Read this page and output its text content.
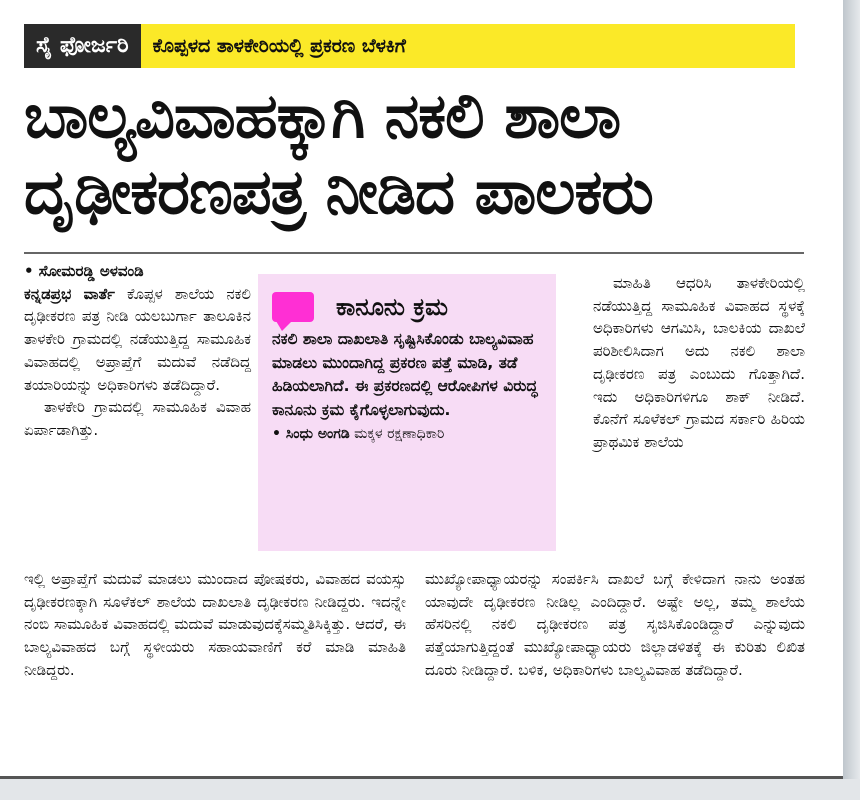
ಸೈ ಫೋರ್ಜರಿ	ಕೊಪ್ಪಳದ ತಾಳಕೇರಿಯಲ್ಲಿ ಪ್ರಕರಣ ಬೆಳಕಿಗೆ
ಬಾಲ್ಯವಿವಾಹಕ್ಕಾಗಿ ನಕಲಿ ಶಾಲಾ
ದೃಢೀಕರಣಪತ್ರ ನೀಡಿದ ಪಾಲಕರು

• ಸೋಮರಡ್ಡಿ ಅಳವಂಡಿ

ಕನ್ನಡಪ್ರಭ ವಾರ್ತೆ ಕೊಪ್ಪಳ ಶಾಲೆಯ ನಕಲಿ ದೃಢೀಕರಣ ಪತ್ರ ನೀಡಿ ಯಲಬುರ್ಗಾ ತಾಲೂಕಿನ ತಾಳಕೇರಿ ಗ್ರಾಮದಲ್ಲಿ ನಡೆಯುತ್ತಿದ್ದ ಸಾಮೂಹಿಕ ವಿವಾಹದಲ್ಲಿ ಅಪ್ರಾಪ್ತೆಗೆ ಮದುವೆ ನಡೆದಿದ್ದ ತಯಾರಿಯನ್ನು ಅಧಿಕಾರಿಗಳು ತಡೆದಿದ್ದಾರೆ.

ತಾಳಕೇರಿ ಗ್ರಾಮದಲ್ಲಿ ಸಾಮೂಹಿಕ ವಿವಾಹ ಏರ್ಪಾಡಾಗಿತ್ತು.

ಕಾನೂನು ಕ್ರಮ
ನಕಲಿ ಶಾಲಾ ದಾಖಲಾತಿ ಸೃಷ್ಟಿಸಿಕೊಂಡು ಬಾಲ್ಯವಿವಾಹ ಮಾಡಲು ಮುಂದಾಗಿದ್ದ ಪ್ರಕರಣ ಪತ್ತೆ ಮಾಡಿ, ತಡೆ ಹಿಡಿಯಲಾಗಿದೆ. ಈ ಪ್ರಕರಣದಲ್ಲಿ ಆರೋಪಿಗಳ ವಿರುದ್ಧ ಕಾನೂನು ಕ್ರಮ ಕೈಗೊಳ್ಳಲಾಗುವುದು.
• ಸಿಂಧು ಅಂಗಡಿ ಮಕ್ಕಳ ರಕ್ಷಣಾಧಿಕಾರಿ

ಮಾಹಿತಿ ಆಧರಿಸಿ ತಾಳಕೇರಿಯಲ್ಲಿ ನಡೆಯುತ್ತಿದ್ದ ಸಾಮೂಹಿಕ ವಿವಾಹದ ಸ್ಥಳಕ್ಕೆ ಅಧಿಕಾರಿಗಳು ಆಗಮಿಸಿ, ಬಾಲಕಿಯ ದಾಖಲೆ ಪರಿಶೀಲಿಸಿದಾಗ ಅದು ನಕಲಿ ಶಾಲಾ ದೃಢೀಕರಣ ಪತ್ರ ಎಂಬುದು ಗೊತ್ತಾಗಿದೆ. ಇದು ಅಧಿಕಾರಿಗಳಿಗೂ ಶಾಕ್ ನೀಡಿದೆ. ಕೊನೆಗೆ ಸೂಳೆಕಲ್ ಗ್ರಾಮದ ಸರ್ಕಾರಿ ಹಿರಿಯ ಪ್ರಾಥಮಿಕ ಶಾಲೆಯ

ಇಲ್ಲಿ ಅಪ್ರಾಪ್ತೆಗೆ ಮದುವೆ ಮಾಡಲು ಮುಂದಾದ ಪೋಷಕರು, ವಿವಾಹದ ವಯಸ್ಸು ದೃಢೀಕರಣಕ್ಕಾಗಿ ಸೂಳೆಕಲ್ ಶಾಲೆಯ ದಾಖಲಾತಿ ದೃಢೀಕರಣ ನೀಡಿದ್ದರು. ಇದನ್ನೇ ನಂಬಿ ಸಾಮೂಹಿಕ ವಿವಾಹದಲ್ಲಿ ಮದುವೆ ಮಾಡುವುದಕ್ಕೆಸಮ್ಮತಿಸಿಕ್ಕಿತ್ತು. ಆದರೆ, ಈ ಬಾಲ್ಯವಿವಾಹದ ಬಗ್ಗೆ ಸ್ಥಳೀಯರು ಸಹಾಯವಾಣಿಗೆ ಕರೆ ಮಾಡಿ ಮಾಹಿತಿ ನೀಡಿದ್ದರು.

ಮುಖ್ಯೋಪಾಧ್ಯಾಯರನ್ನು ಸಂಪರ್ಕಿಸಿ ದಾಖಲೆ ಬಗ್ಗೆ ಕೇಳಿದಾಗ ನಾನು ಅಂತಹ ಯಾವುದೇ ದೃಢೀಕರಣ ನೀಡಿಲ್ಲ ಎಂದಿದ್ದಾರೆ. ಅಷ್ಟೇ ಅಲ್ಲ, ತಮ್ಮ ಶಾಲೆಯ ಹೆಸರಿನಲ್ಲಿ ನಕಲಿ ದೃಢೀಕರಣ ಪತ್ರ ಸೃಜಿಸಿಕೊಂಡಿದ್ದಾರೆ ಎನ್ನುವುದು ಪತ್ತೆಯಾಗುತ್ತಿದ್ದಂತೆ ಮುಖ್ಯೋಪಾಧ್ಯಾಯರು ಜಿಲ್ಲಾಡಳಿತಕ್ಕೆ ಈ ಕುರಿತು ಲಿಖಿತ ದೂರು ನೀಡಿದ್ದಾರೆ. ಬಳಿಕ, ಅಧಿಕಾರಿಗಳು ಬಾಲ್ಯವಿವಾಹ ತಡೆದಿದ್ದಾರೆ.
